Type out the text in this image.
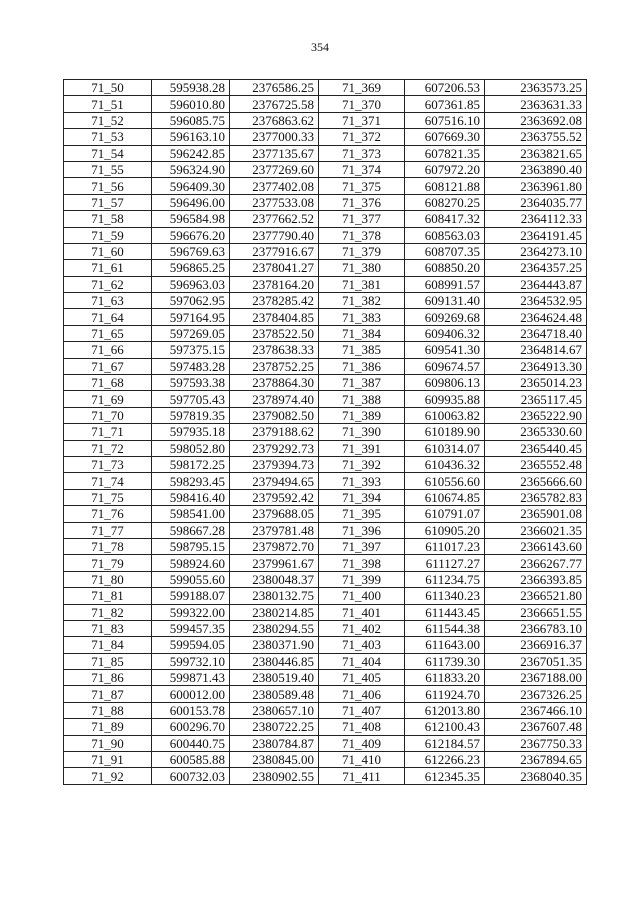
354
71_50	595938.28	2376586.25	71_369	607206.53	2363573.25
71_51	596010.80	2376725.58	71_370	607361.85	2363631.33
71_52	596085.75	2376863.62	71_371	607516.10	2363692.08
71_53	596163.10	2377000.33	71_372	607669.30	2363755.52
71_54	596242.85	2377135.67	71_373	607821.35	2363821.65
71_55	596324.90	2377269.60	71_374	607972.20	2363890.40
71_56	596409.30	2377402.08	71_375	608121.88	2363961.80
71_57	596496.00	2377533.08	71_376	608270.25	2364035.77
71_58	596584.98	2377662.52	71_377	608417.32	2364112.33
71_59	596676.20	2377790.40	71_378	608563.03	2364191.45
71_60	596769.63	2377916.67	71_379	608707.35	2364273.10
71_61	596865.25	2378041.27	71_380	608850.20	2364357.25
71_62	596963.03	2378164.20	71_381	608991.57	2364443.87
71_63	597062.95	2378285.42	71_382	609131.40	2364532.95
71_64	597164.95	2378404.85	71_383	609269.68	2364624.48
71_65	597269.05	2378522.50	71_384	609406.32	2364718.40
71_66	597375.15	2378638.33	71_385	609541.30	2364814.67
71_67	597483.28	2378752.25	71_386	609674.57	2364913.30
71_68	597593.38	2378864.30	71_387	609806.13	2365014.23
71_69	597705.43	2378974.40	71_388	609935.88	2365117.45
71_70	597819.35	2379082.50	71_389	610063.82	2365222.90
71_71	597935.18	2379188.62	71_390	610189.90	2365330.60
71_72	598052.80	2379292.73	71_391	610314.07	2365440.45
71_73	598172.25	2379394.73	71_392	610436.32	2365552.48
71_74	598293.45	2379494.65	71_393	610556.60	2365666.60
71_75	598416.40	2379592.42	71_394	610674.85	2365782.83
71_76	598541.00	2379688.05	71_395	610791.07	2365901.08
71_77	598667.28	2379781.48	71_396	610905.20	2366021.35
71_78	598795.15	2379872.70	71_397	611017.23	2366143.60
71_79	598924.60	2379961.67	71_398	611127.27	2366267.77
71_80	599055.60	2380048.37	71_399	611234.75	2366393.85
71_81	599188.07	2380132.75	71_400	611340.23	2366521.80
71_82	599322.00	2380214.85	71_401	611443.45	2366651.55
71_83	599457.35	2380294.55	71_402	611544.38	2366783.10
71_84	599594.05	2380371.90	71_403	611643.00	2366916.37
71_85	599732.10	2380446.85	71_404	611739.30	2367051.35
71_86	599871.43	2380519.40	71_405	611833.20	2367188.00
71_87	600012.00	2380589.48	71_406	611924.70	2367326.25
71_88	600153.78	2380657.10	71_407	612013.80	2367466.10
71_89	600296.70	2380722.25	71_408	612100.43	2367607.48
71_90	600440.75	2380784.87	71_409	612184.57	2367750.33
71_91	600585.88	2380845.00	71_410	612266.23	2367894.65
71_92	600732.03	2380902.55	71_411	612345.35	2368040.35
